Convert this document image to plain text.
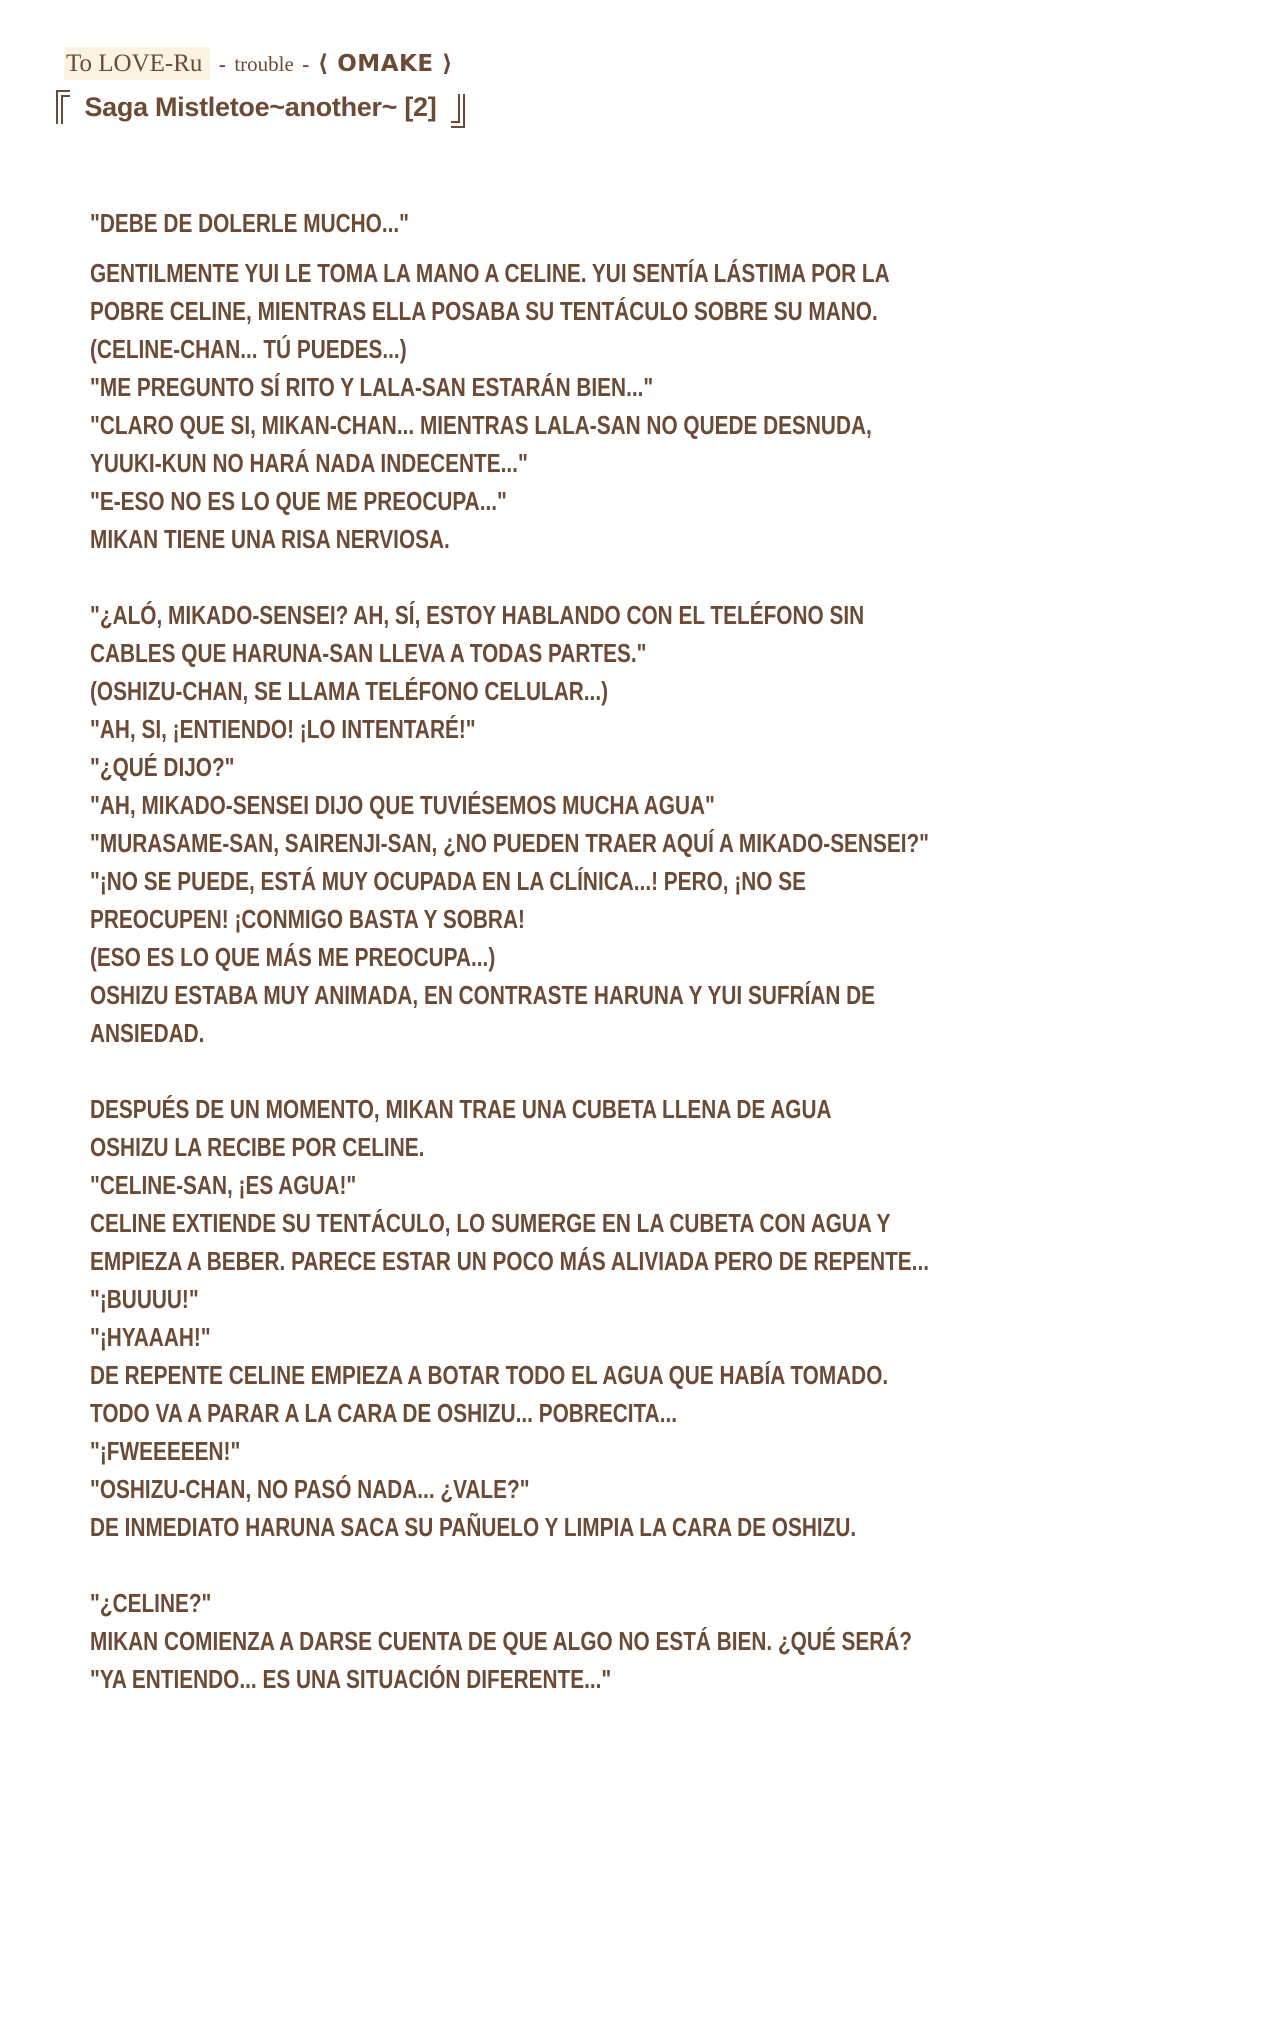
To LOVE-Ru - trouble - ⟨ OMAKE ⟩
Saga Mistletoe~another~ [2]
"DEBE DE DOLERLE MUCHO..."
GENTILMENTE YUI LE TOMA LA MANO A CELINE. YUI SENTÍA LÁSTIMA POR LA
POBRE CELINE, MIENTRAS ELLA POSABA SU TENTÁCULO SOBRE SU MANO.
(CELINE-CHAN... TÚ PUEDES...)
"ME PREGUNTO SÍ RITO Y LALA-SAN ESTARÁN BIEN..."
"CLARO QUE SI, MIKAN-CHAN... MIENTRAS LALA-SAN NO QUEDE DESNUDA,
YUUKI-KUN NO HARÁ NADA INDECENTE..."
"E-ESO NO ES LO QUE ME PREOCUPA..."
MIKAN TIENE UNA RISA NERVIOSA.
"¿ALÓ, MIKADO-SENSEI? AH, SÍ, ESTOY HABLANDO CON EL TELÉFONO SIN
CABLES QUE HARUNA-SAN LLEVA A TODAS PARTES."
(OSHIZU-CHAN, SE LLAMA TELÉFONO CELULAR...)
"AH, SI, ¡ENTIENDO! ¡LO INTENTARÉ!"
"¿QUÉ DIJO?"
"AH, MIKADO-SENSEI DIJO QUE TUVIÉSEMOS MUCHA AGUA"
"MURASAME-SAN, SAIRENJI-SAN, ¿NO PUEDEN TRAER AQUÍ A MIKADO-SENSEI?"
"¡NO SE PUEDE, ESTÁ MUY OCUPADA EN LA CLÍNICA...! PERO, ¡NO SE
PREOCUPEN! ¡CONMIGO BASTA Y SOBRA!
(ESO ES LO QUE MÁS ME PREOCUPA...)
OSHIZU ESTABA MUY ANIMADA, EN CONTRASTE HARUNA Y YUI SUFRÍAN DE
ANSIEDAD.
DESPUÉS DE UN MOMENTO, MIKAN TRAE UNA CUBETA LLENA DE AGUA
OSHIZU LA RECIBE POR CELINE.
"CELINE-SAN, ¡ES AGUA!"
CELINE EXTIENDE SU TENTÁCULO, LO SUMERGE EN LA CUBETA CON AGUA Y
EMPIEZA A BEBER. PARECE ESTAR UN POCO MÁS ALIVIADA PERO DE REPENTE...
"¡BUUUU!"
"¡HYAAAH!"
DE REPENTE CELINE EMPIEZA A BOTAR TODO EL AGUA QUE HABÍA TOMADO.
TODO VA A PARAR A LA CARA DE OSHIZU... POBRECITA...
"¡FWEEEEEN!"
"OSHIZU-CHAN, NO PASÓ NADA... ¿VALE?"
DE INMEDIATO HARUNA SACA SU PAÑUELO Y LIMPIA LA CARA DE OSHIZU.
"¿CELINE?"
MIKAN COMIENZA A DARSE CUENTA DE QUE ALGO NO ESTÁ BIEN. ¿QUÉ SERÁ?
"YA ENTIENDO... ES UNA SITUACIÓN DIFERENTE..."
